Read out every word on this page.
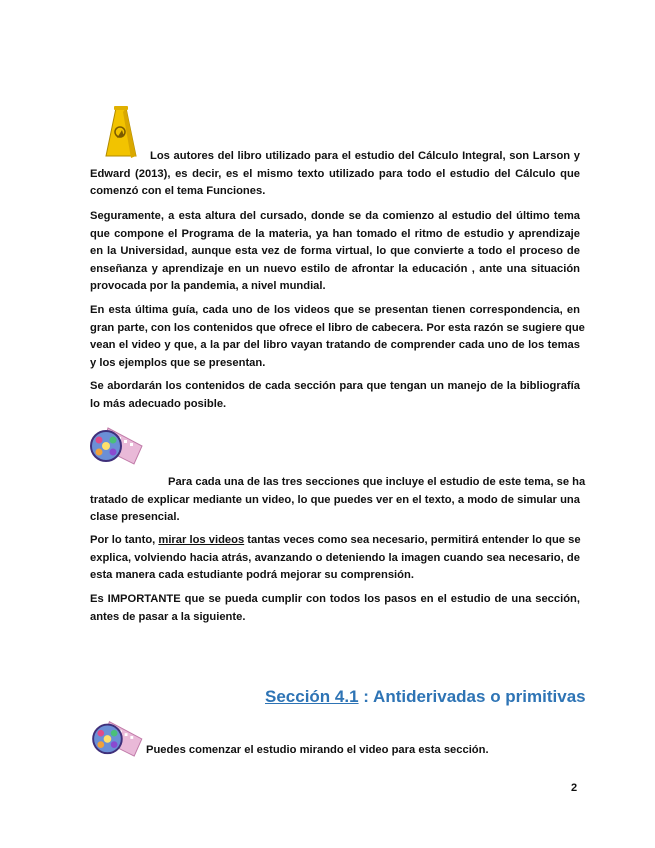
Los autores del libro utilizado para el estudio del Cálculo Integral, son Larson y
Edward (2013), es decir, es el mismo texto utilizado para todo el estudio del Cálculo que
comenzó con el tema Funciones.
Seguramente, a esta altura del cursado, donde se da comienzo al estudio del último tema
que compone el Programa de la materia, ya han tomado el ritmo de estudio y aprendizaje
en la Universidad, aunque esta vez de forma virtual, lo que convierte a todo el proceso de
enseñanza y aprendizaje en un nuevo estilo de afrontar la educación , ante una situación
provocada por la pandemia, a nivel mundial.
En esta última guía, cada uno de los videos que se presentan tienen correspondencia, en
gran parte, con los contenidos que ofrece el libro de cabecera. Por esta razón se sugiere que
vean el video y que, a la par del libro vayan tratando de comprender cada uno de los temas
y los ejemplos que se presentan.
Se abordarán los contenidos de cada sección para que tengan un manejo de la bibliografía
lo más adecuado posible.
Para cada una de las tres secciones que incluye el estudio de este tema, se ha
tratado de explicar mediante un video, lo que puedes ver en el texto, a modo de simular una
clase presencial.
Por lo tanto, mirar los videos tantas veces como sea necesario, permitirá entender lo que se
explica, volviendo hacia atrás, avanzando o deteniendo la imagen cuando sea necesario, de
esta manera cada estudiante podrá mejorar su comprensión.
Es IMPORTANTE que se pueda cumplir con todos los pasos en el estudio de una sección,
antes de pasar a la siguiente.
Sección 4.1 : Antiderivadas o primitivas
Puedes comenzar el estudio mirando el video para esta sección.
2
